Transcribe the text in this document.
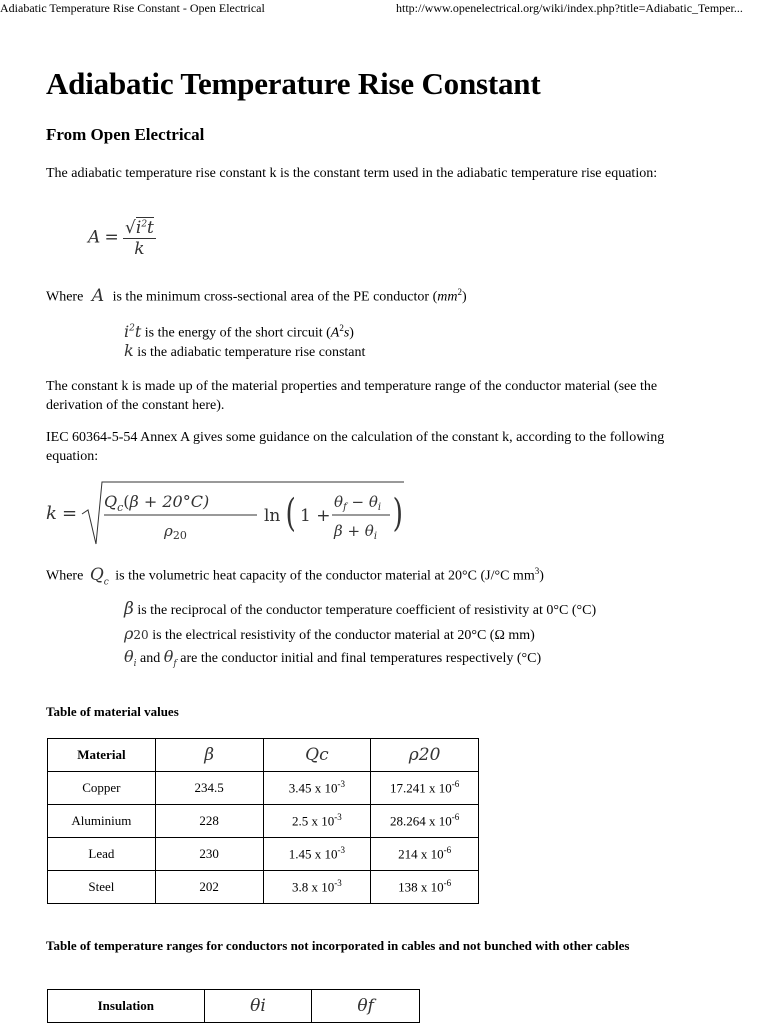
Adiabatic Temperature Rise Constant - Open Electrical	http://www.openelectrical.org/wiki/index.php?title=Adiabatic_Temper...
Adiabatic Temperature Rise Constant
From Open Electrical

The adiabatic temperature rise constant k is the constant term used in the adiabatic temperature rise equation:

$A = \frac{√i^2t}{k}$

Where A is the minimum cross-sectional area of the PE conductor $(mm^2)$

$i^2t$ is the energy of the short circuit $(A^2s)$
k is the adiabatic temperature rise constant

The constant k is made up of the material properties and temperature range of the conductor material (see the derivation of the constant here).

IEC 60364-5-54 Annex A gives some guidance on the calculation of the constant k, according to the following equation:

k =
$Q_c(\beta + 20^\circ C)$
$\rho_{20}$
ln ( 1 +
$\theta_f - \theta_i$
$\beta + \theta_i$
)

Where $Q_c$ is the volumetric heat capacity of the conductor material at 20°C (J/°C $mm^3$)

β is the reciprocal of the conductor temperature coefficient of resistivity at 0°C (°C)
ρ20 is the electrical resistivity of the conductor material at 20°C (Ω mm)
$\theta_i$ and $\theta_f$ are the conductor initial and final temperatures respectively (°C)
Table of material values
Material	β	Qc	ρ20
Copper	234.5	3.45 x $10^{-3}$	17.241 x $10^{-6}$
Aluminium	228	2.5 x $10^{-3}$	28.264 x $10^{-6}$
Lead	230	1.45 x $10^{-3}$	214 x $10^{-6}$
Steel	202	3.8 x $10^{-3}$	138 x $10^{-6}$
Table of temperature ranges for conductors not incorporated in cables and not bunched with other cables
Insulation	θi	θf
